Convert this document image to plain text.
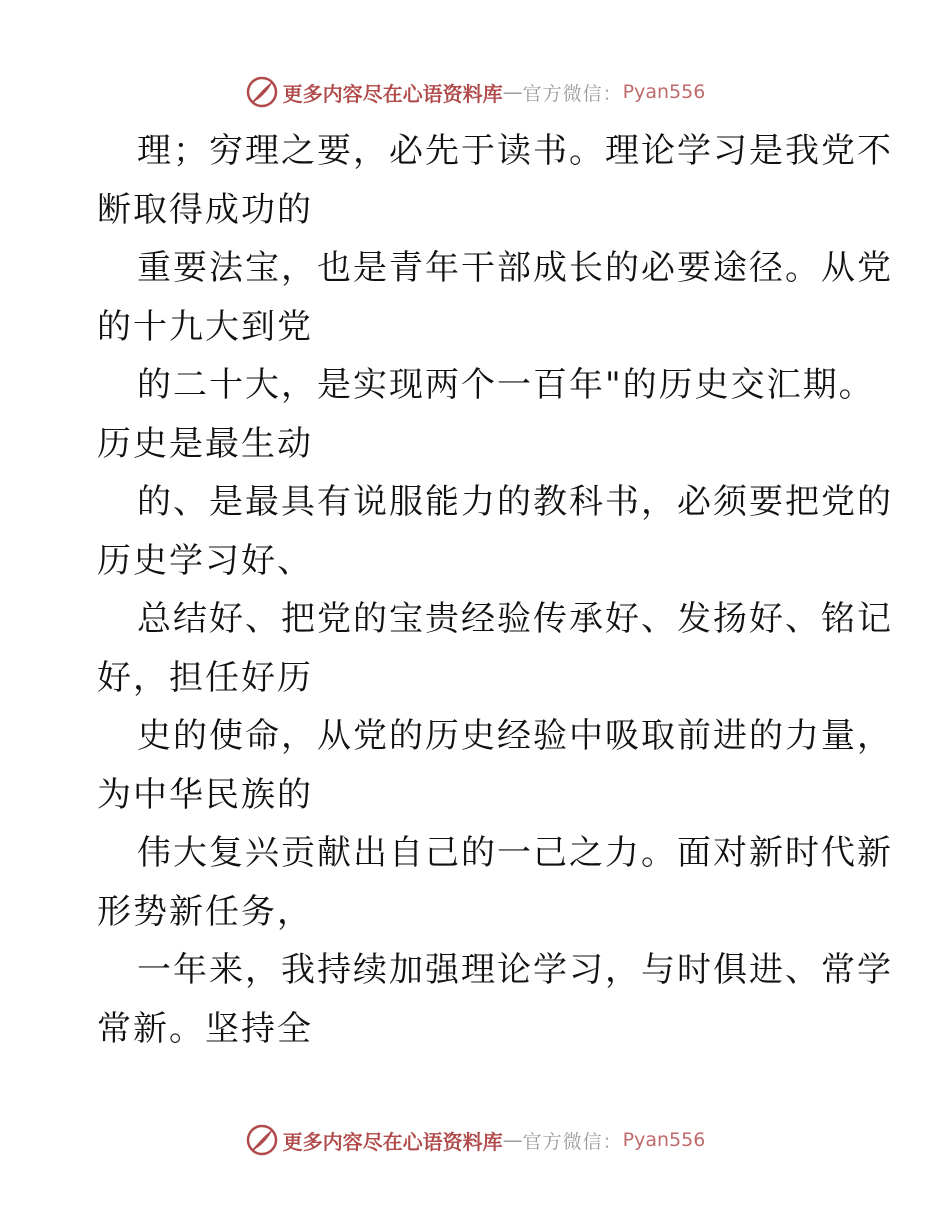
更多内容尽在心语资料库 — 官方微信： Pyan556
理；穷理之要，必先于读书。理论学习是我党不
断取得成功的
重要法宝，也是青年干部成长的必要途径。从党
的十九大到党
的二十大，是实现两个一百年"的历史交汇期。
历史是最生动
的、是最具有说服能力的教科书，必须要把党的
历史学习好、
总结好、把党的宝贵经验传承好、发扬好、铭记
好，担任好历
史的使命，从党的历史经验中吸取前进的力量，
为中华民族的
伟大复兴贡献出自己的一己之力。面对新时代新
形势新任务，
一年来，我持续加强理论学习，与时俱进、常学
常新。坚持全
更多内容尽在心语资料库 — 官方微信： Pyan556
